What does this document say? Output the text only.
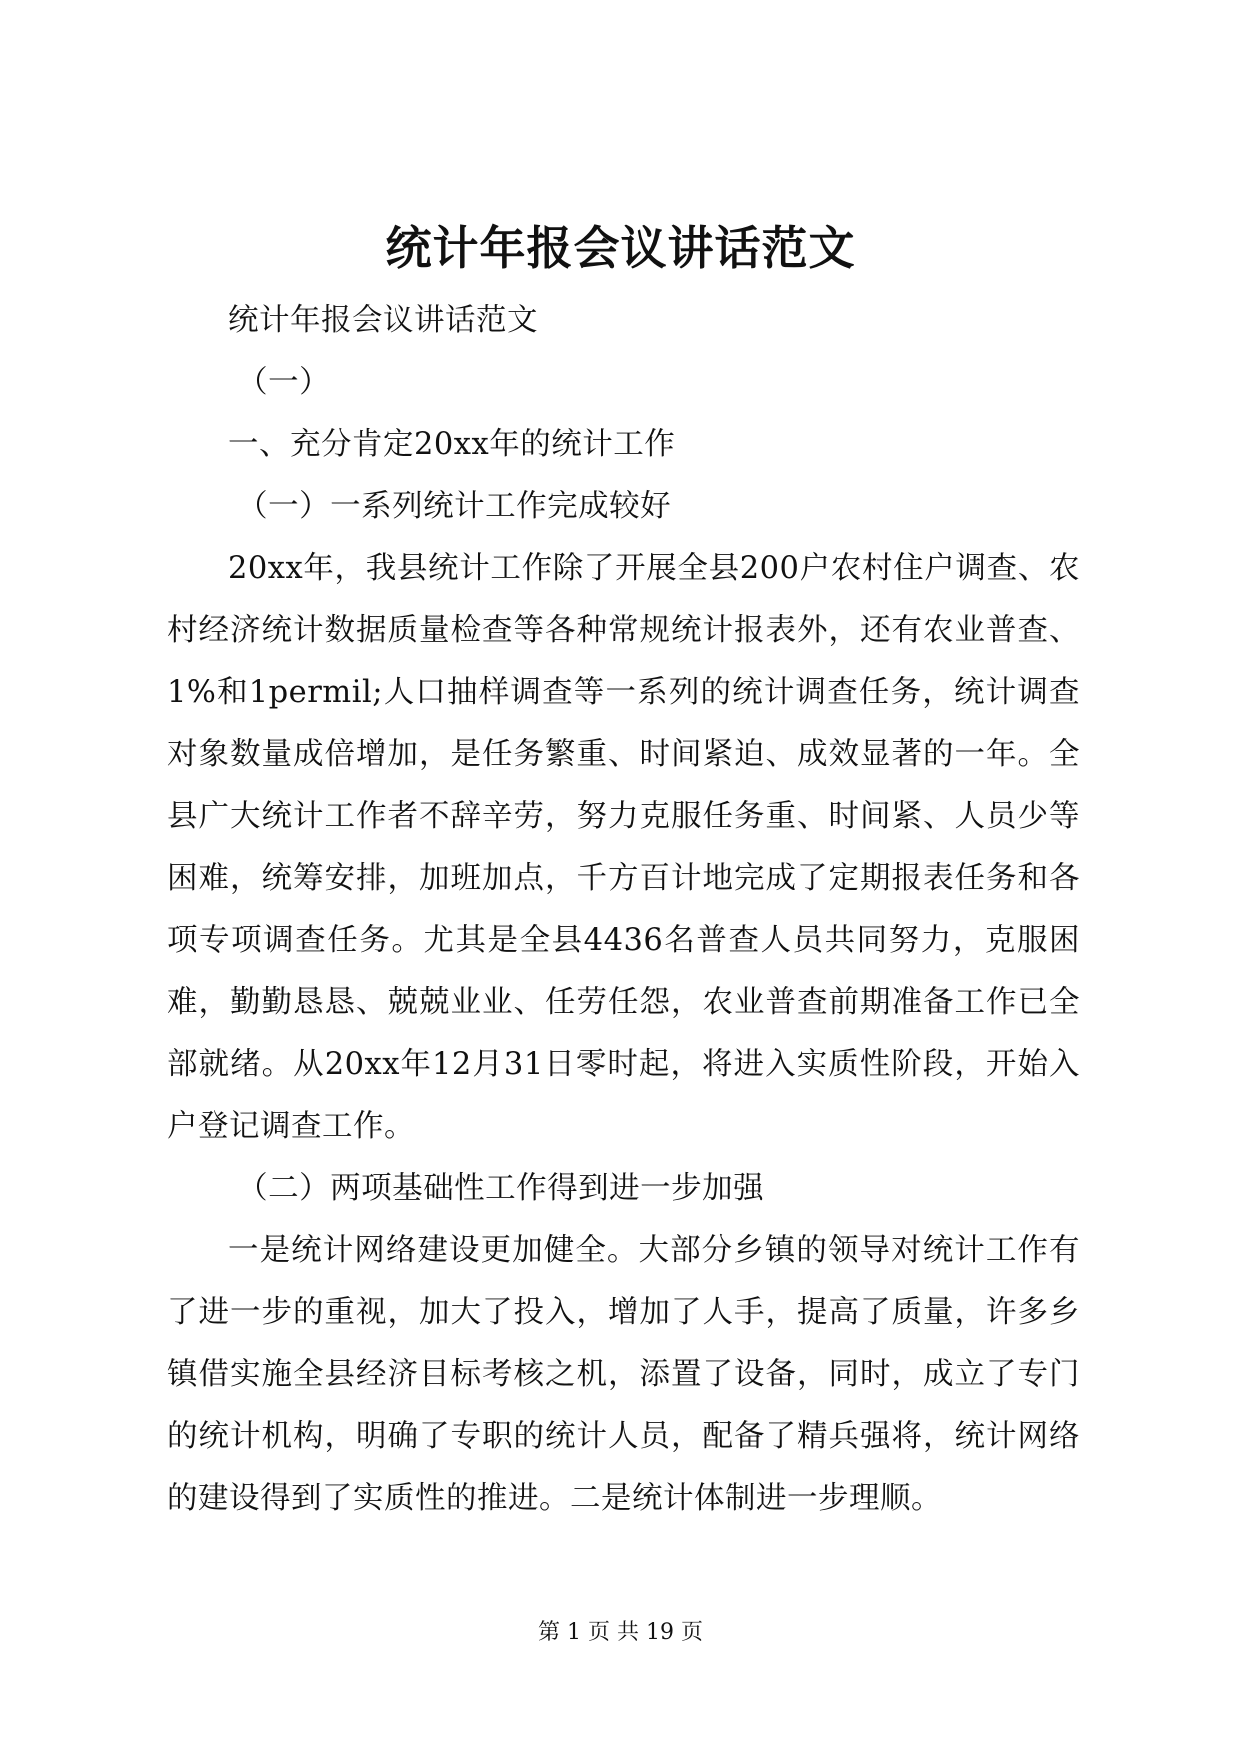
统计年报会议讲话范文

统计年报会议讲话范文

（一）

一、充分肯定20xx年的统计工作

（一）一系列统计工作完成较好

20xx年，我县统计工作除了开展全县200户农村住户调查、农村经济统计数据质量检查等各种常规统计报表外，还有农业普查、1%和1permil;人口抽样调查等一系列的统计调查任务，统计调查对象数量成倍增加，是任务繁重、时间紧迫、成效显著的一年。全县广大统计工作者不辞辛劳，努力克服任务重、时间紧、人员少等困难，统筹安排，加班加点，千方百计地完成了定期报表任务和各项专项调查任务。尤其是全县4436名普查人员共同努力，克服困难，勤勤恳恳、兢兢业业、任劳任怨，农业普查前期准备工作已全部就绪。从20xx年12月31日零时起，将进入实质性阶段，开始入户登记调查工作。

（二）两项基础性工作得到进一步加强

一是统计网络建设更加健全。大部分乡镇的领导对统计工作有了进一步的重视，加大了投入，增加了人手，提高了质量，许多乡镇借实施全县经济目标考核之机，添置了设备，同时，成立了专门的统计机构，明确了专职的统计人员，配备了精兵强将，统计网络的建设得到了实质性的推进。二是统计体制进一步理顺。

第 1 页 共 19 页
